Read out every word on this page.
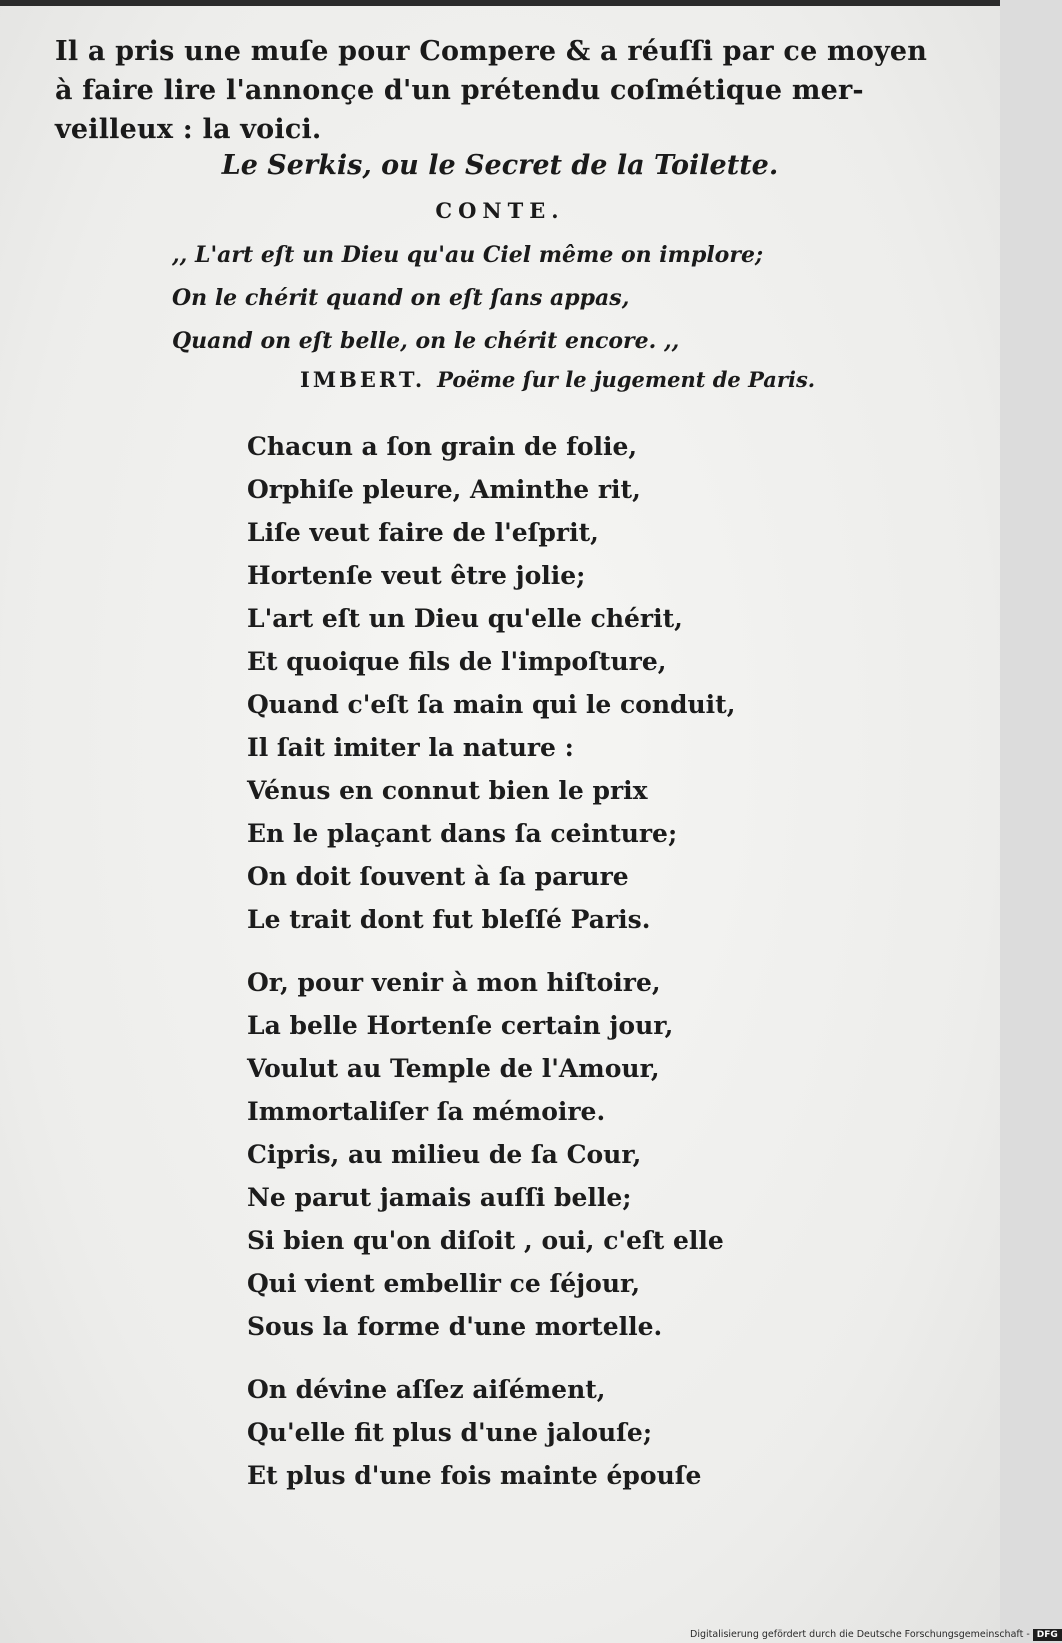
Il a pris une muſe pour Compere & a réuſſi par ce moyen
à faire lire l'annonçe d'un prétendu coſmétique mer-
veilleux : la voici.
Le Serkis, ou le Secret de la Toilette.
CONTE.
,, L'art eſt un Dieu qu'au Ciel même on implore;
On le chérit quand on eſt ſans appas,
Quand on eſt belle, on le chérit encore. ,,
IMBERT. Poëme ſur le jugement de Paris.
Chacun a ſon grain de folie,
Orphiſe pleure, Aminthe rit,
Liſe veut faire de l'eſprit,
Hortenſe veut être jolie;
L'art eſt un Dieu qu'elle chérit,
Et quoique fils de l'impoſture,
Quand c'eſt ſa main qui le conduit,
Il ſait imiter la nature :
Vénus en connut bien le prix
En le plaçant dans ſa ceinture;
On doit ſouvent à ſa parure
Le trait dont fut bleſſé Paris.
Or, pour venir à mon hiſtoire,
La belle Hortenſe certain jour,
Voulut au Temple de l'Amour,
Immortaliſer ſa mémoire.
Cipris, au milieu de ſa Cour,
Ne parut jamais auſſi belle;
Si bien qu'on diſoit , oui, c'eſt elle
Qui vient embellir ce ſéjour,
Sous la forme d'une mortelle.
On dévine aſſez aiſément,
Qu'elle fit plus d'une jalouſe;
Et plus d'une fois mainte épouſe
Digitalisierung gefördert durch die Deutsche Forschungsgemeinschaft - DFG
